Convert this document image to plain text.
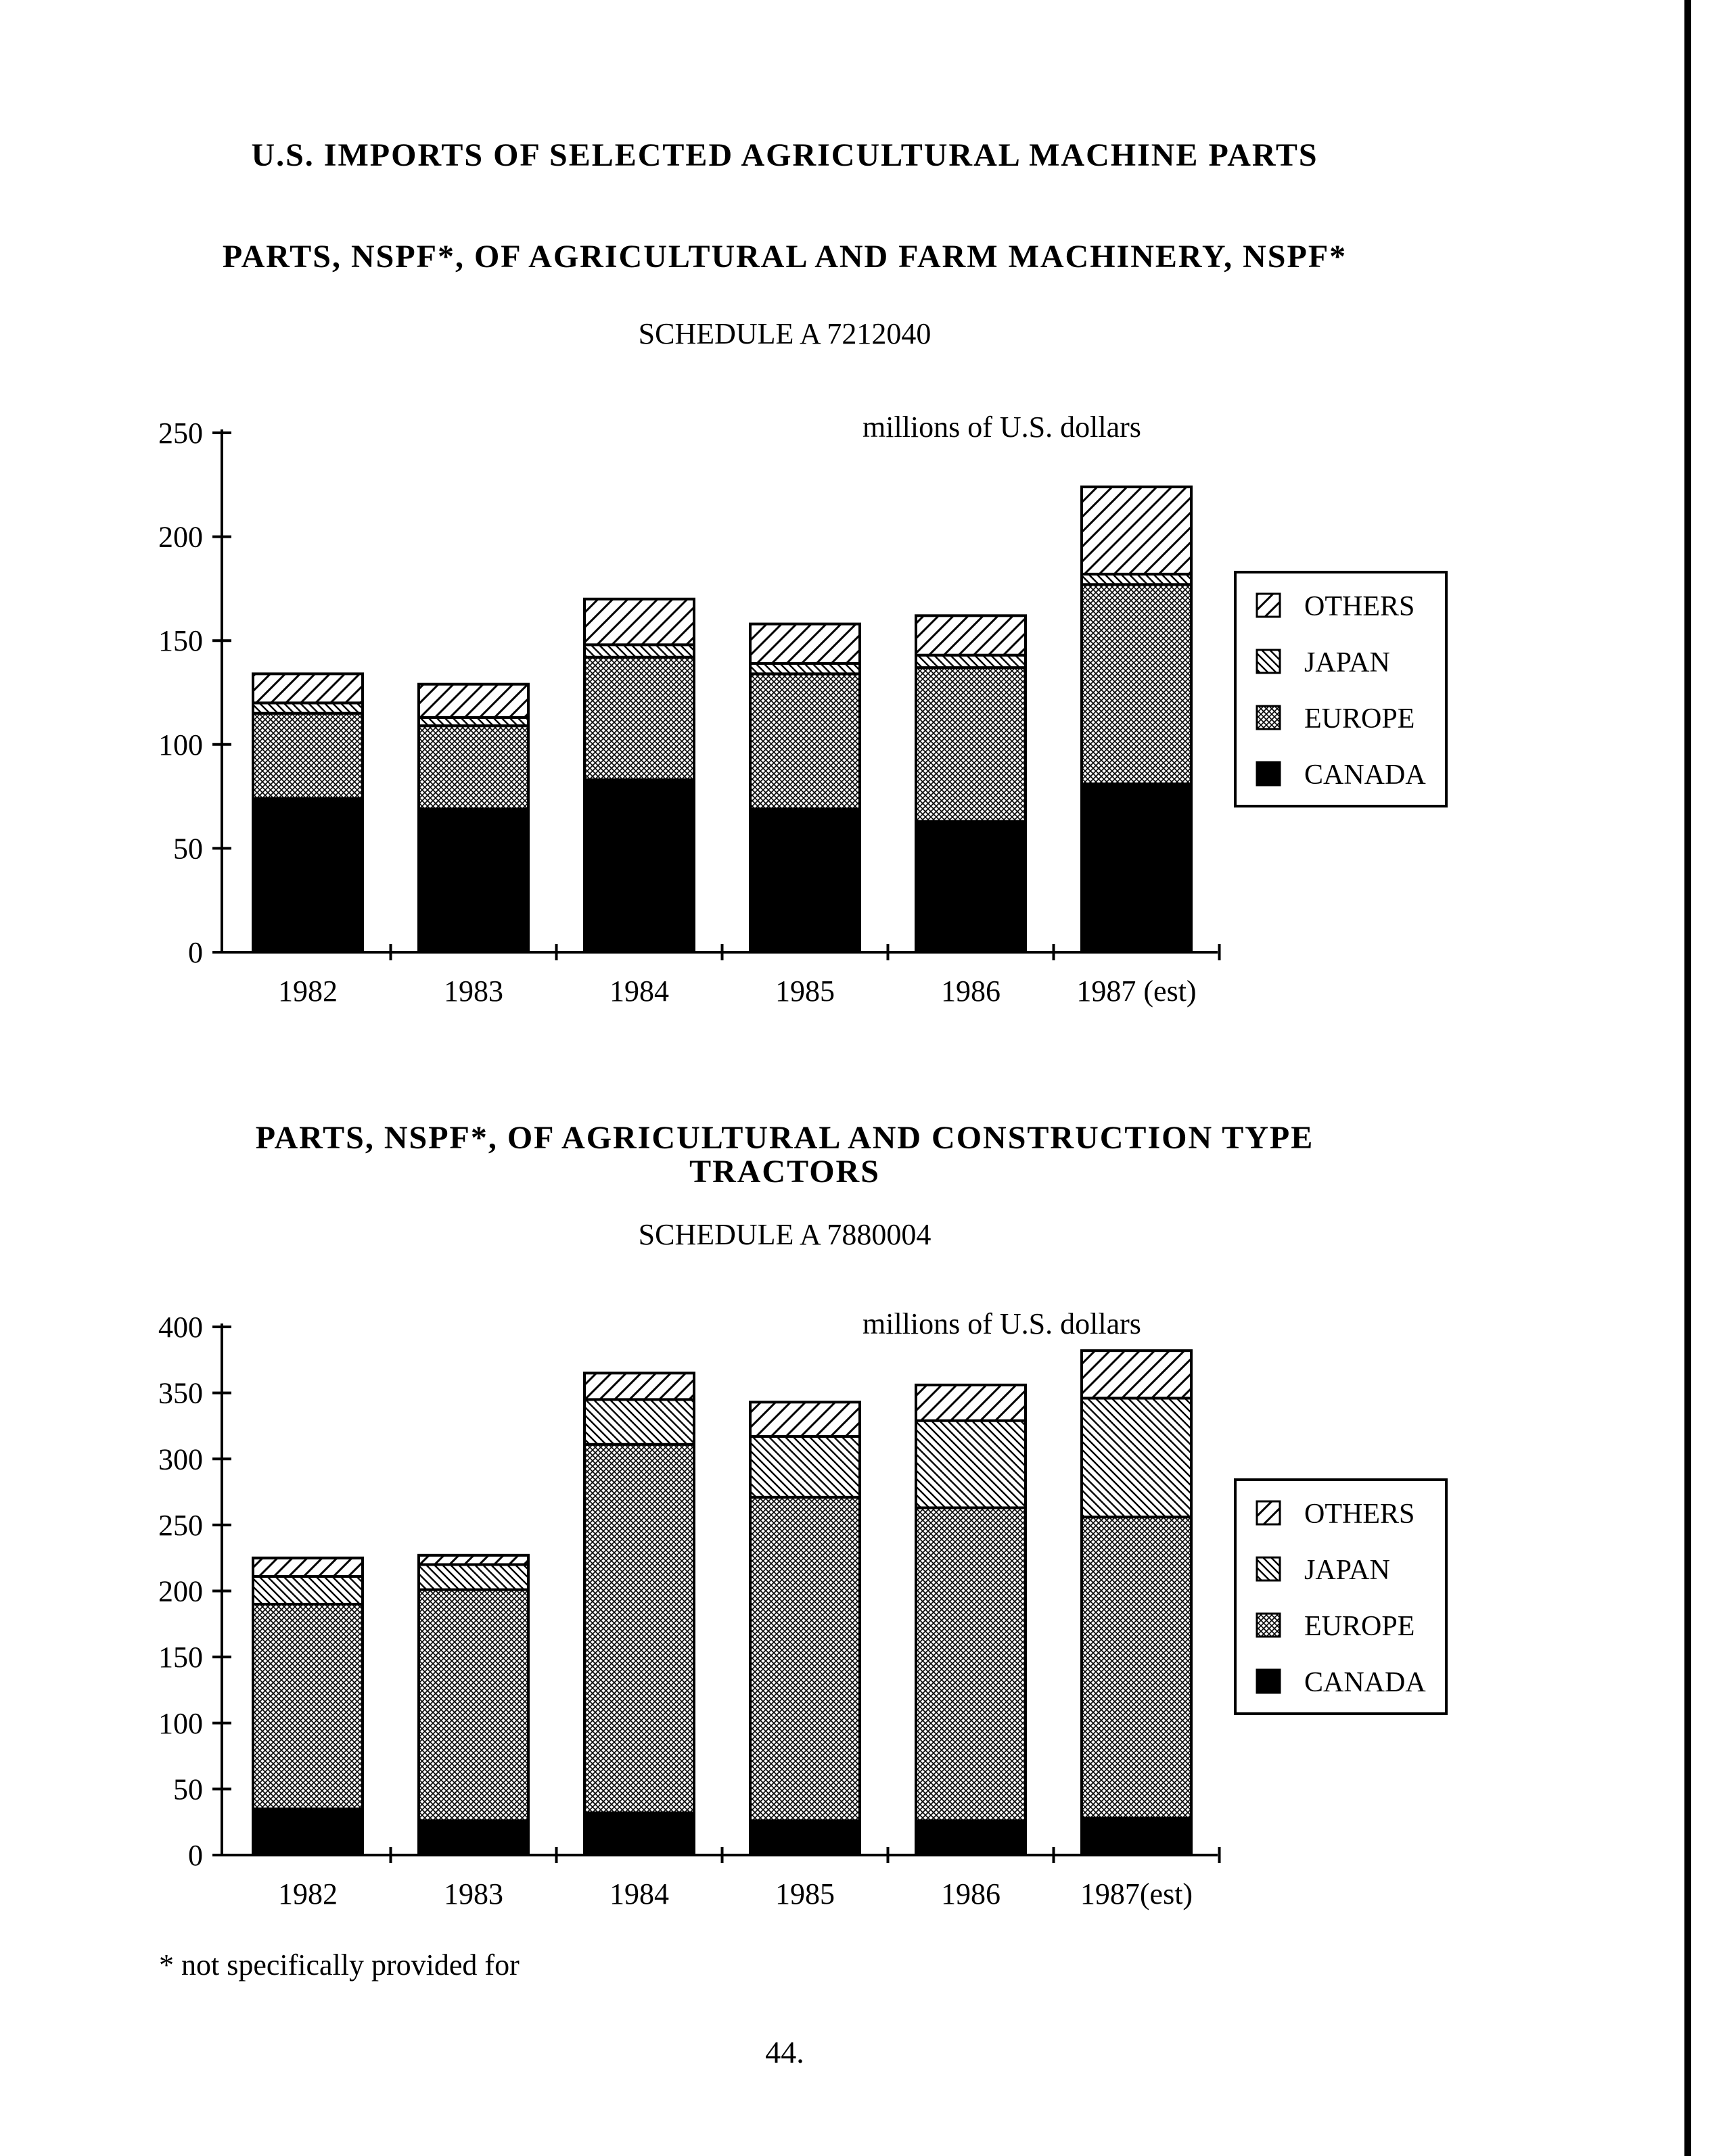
U.S. IMPORTS OF SELECTED AGRICULTURAL MACHINE PARTS
PARTS, NSPF*, OF AGRICULTURAL AND FARM MACHINERY, NSPF*
SCHEDULE A 7212040
millions of U.S. dollars
0
50
100
150
200
250
1982	1983	1984	1985	1986	1987 (est)
OTHERS
JAPAN
EUROPE
CANADA
PARTS, NSPF*, OF AGRICULTURAL AND CONSTRUCTION TYPE TRACTORS
SCHEDULE A 7880004
millions of U.S. dollars
0
50
100
150
200
250
300
350
400
1982	1983	1984	1985	1986	1987(est)
OTHERS
JAPAN
EUROPE
CANADA
* not specifically provided for
44.
